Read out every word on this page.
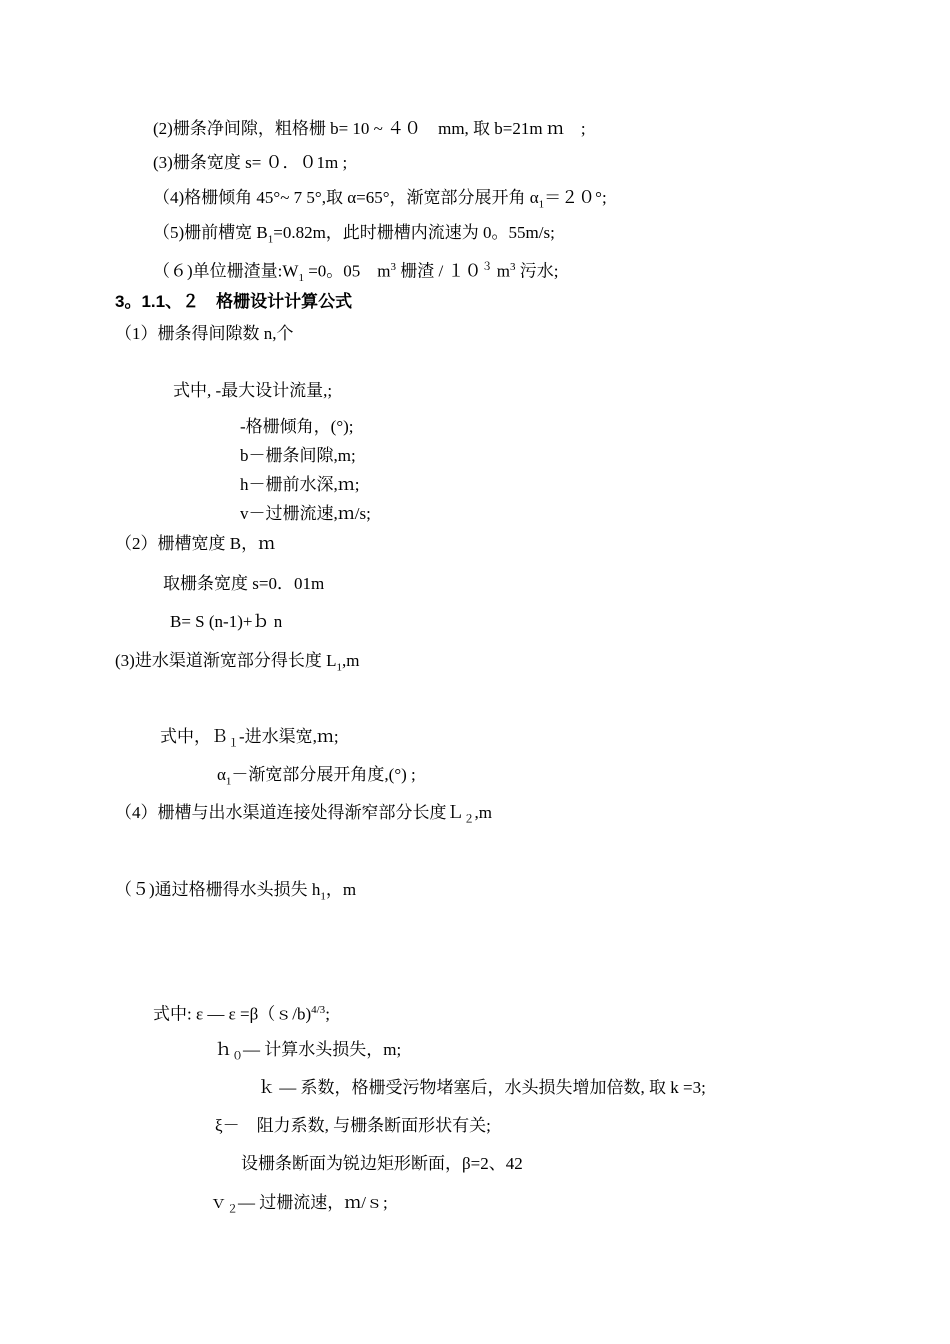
(2)栅条净间隙，粗格栅 b= 10 ~ ４０　mm, 取 b=21m ｍ　;
(3)栅条宽度 s= ０．０1m ;
（4)格栅倾角 45°~ 7 5°,取 α=65°，渐宽部分展开角 $\alpha_1=20^\circ$;
（5)栅前槽宽 $B_1=0.82m$，此时栅槽内流速为 0。55m/s;
（６)单位栅渣量$:W_1 =0$。05　$m^3$ 栅渣 / $10^3$ $m^3$ 污水;
3。1.1、２　格栅设计计算公式
（1）栅条得间隙数 n,个
式中, -最大设计流量,;
-格栅倾角，(°);
b－栅条间隙,m;
h－栅前水深,ｍ;
v－过栅流速,ｍ/s;
（2）栅槽宽度 B，ｍ
取栅条宽度 s=0．01m
B= S (n-1)+ｂ n
(3)进水渠道渐宽部分得长度 $L_1,m$
式中，Ｂ$_1$-进水渠宽,ｍ;
$\alpha_1-$渐宽部分展开角度,(°) ;
（4）栅槽与出水渠道连接处得渐窄部分长度Ｌ$_2$,m
（５)通过格栅得水头损失 $h_1$，m
式中: ε — ε =β（ｓ/b)$^{4/3}$;
ｈ$_0$— 计算水头损失，m;
ｋ — 系数，格栅受污物堵塞后，水头损失增加倍数, 取 k =3;
ξ－　阻力系数, 与栅条断面形状有关;
设栅条断面为锐边矩形断面，β=2、42
ｖ$_2$— 过栅流速，ｍ/ｓ;
